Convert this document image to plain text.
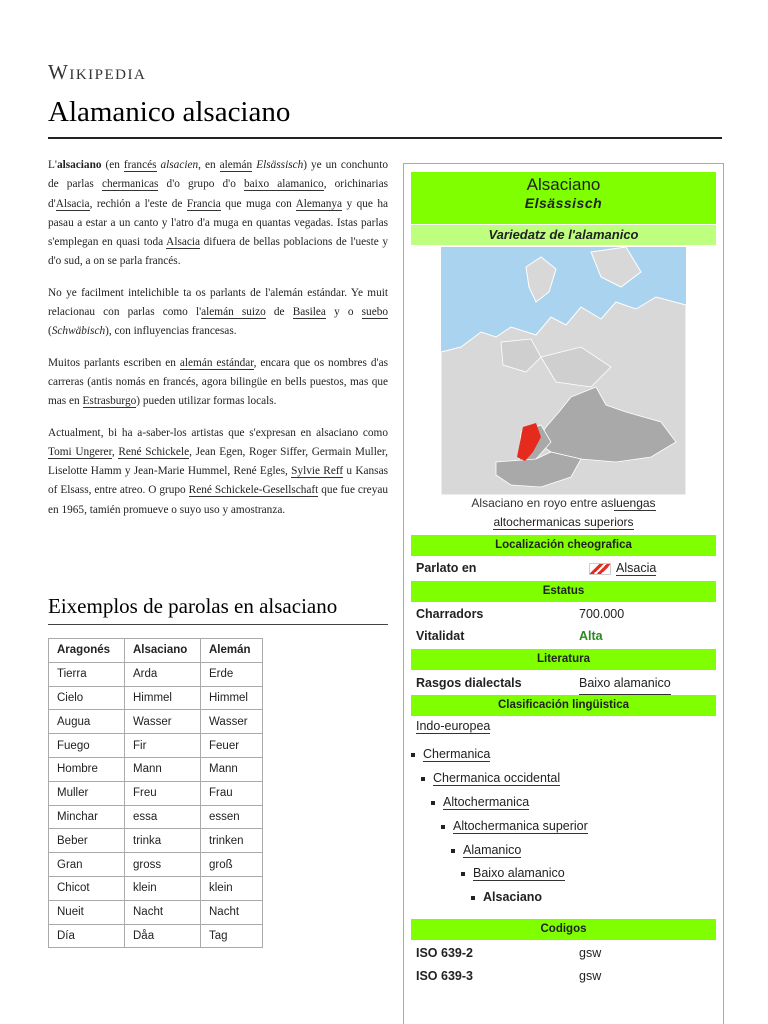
Wikipedia
Alamanico alsaciano

L'alsaciano (en francés alsacien, en alemán Elsässisch) ye un conchunto de parlas chermanicas d'o grupo d'o baixo alamanico, orichinarias d'Alsacia, rechión a l'este de Francia que muga con Alemanya y que ha pasau a estar a un canto y l'atro d'a muga en quantas vegadas. Istas parlas s'emplegan en quasi toda Alsacia difuera de bellas poblacions de l'ueste y d'o sud, a on se parla francés.

No ye facilment intelichible ta os parlants de l'alemán estándar. Ye muit relacionau con parlas como l'alemán suizo de Basilea y o suebo (Schwäbisch), con influyencias francesas.

Muitos parlants escriben en alemán estándar, encara que os nombres d'as carreras (antis nomás en francés, agora bilingüe en bells puestos, mas que mas en Estrasburgo) pueden utilizar formas locals.

Actualment, bi ha a-saber-los artistas que s'expresan en alsaciano como Tomi Ungerer, René Schickele, Jean Egen, Roger Siffer, Germain Muller, Liselotte Hamm y Jean-Marie Hummel, René Egles, Sylvie Reff u Kansas of Elsass, entre atreo. O grupo René Schickele-Gesellschaft que fue creyau en 1965, tamién promueve o suyo uso y amostranza.

Eixemplos de parolas en alsaciano
Aragonés	Alsaciano	Alemán
Tierra	Arda	Erde
Cielo	Himmel	Himmel
Augua	Wasser	Wasser
Fuego	Fir	Feuer
Hombre	Mann	Mann
Muller	Freu	Frau
Minchar	essa	essen
Beber	trinka	trinken
Gran	gross	groß
Chicot	klein	klein
Nueit	Nacht	Nacht
Día	Dåa	Tag
Alsaciano
Elsässisch
Variedatz de l'alamanico
Alsaciano en royo entre asluengas
altochermanicas superiors
Localización cheografica
Parlato en	Alsacia
Estatus
Charradors	700.000
Vitalidat	Alta
Literatura
Rasgos dialectals	Baixo alamanico
Clasificación lingüistica
Indo-europea
Chermanica
Chermanica occidental
Altochermanica
Altochermanica superior
Alamanico
Baixo alamanico
Alsaciano
Codigos
ISO 639-2	gsw
ISO 639-3	gsw
